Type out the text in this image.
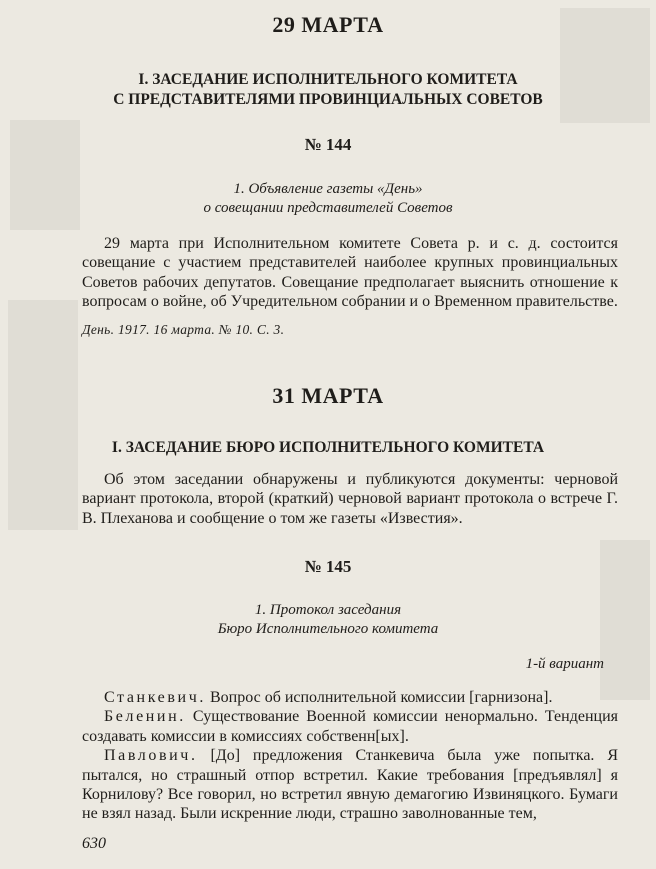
29 МАРТА
I. ЗАСЕДАНИЕ ИСПОЛНИТЕЛЬНОГО КОМИТЕТА
С ПРЕДСТАВИТЕЛЯМИ ПРОВИНЦИАЛЬНЫХ СОВЕТОВ
№ 144
1. Объявление газеты «День»
о совещании представителей Советов

29 марта при Исполнительном комитете Совета р. и с. д. состоится совещание с участием представителей наиболее крупных провинциальных Советов рабочих депутатов. Совещание предполагает выяснить отношение к вопросам о войне, об Учредительном собрании и о Временном правительстве.

День. 1917. 16 марта. № 10. С. 3.
31 МАРТА
I. ЗАСЕДАНИЕ БЮРО ИСПОЛНИТЕЛЬНОГО КОМИТЕТА

Об этом заседании обнаружены и публикуются документы: черновой вариант протокола, второй (краткий) черновой вариант протокола о встрече Г. В. Плеханова и сообщение о том же газеты «Известия».

№ 145
1. Протокол заседания
Бюро Исполнительного комитета
1-й вариант

Станкевич. Вопрос об исполнительной комиссии [гарнизона].

Беленин. Существование Военной комиссии ненормально. Тенденция создавать комиссии в комиссиях собственн[ых].

Павлович. [До] предложения Станкевича была уже попытка. Я пытался, но страшный отпор встретил. Какие требования [предъявлял] я Корнилову? Все говорил, но встретил явную демагогию Извиняцкого. Бумаги не взял назад. Были искренние люди, страшно заволнованные тем,

630
